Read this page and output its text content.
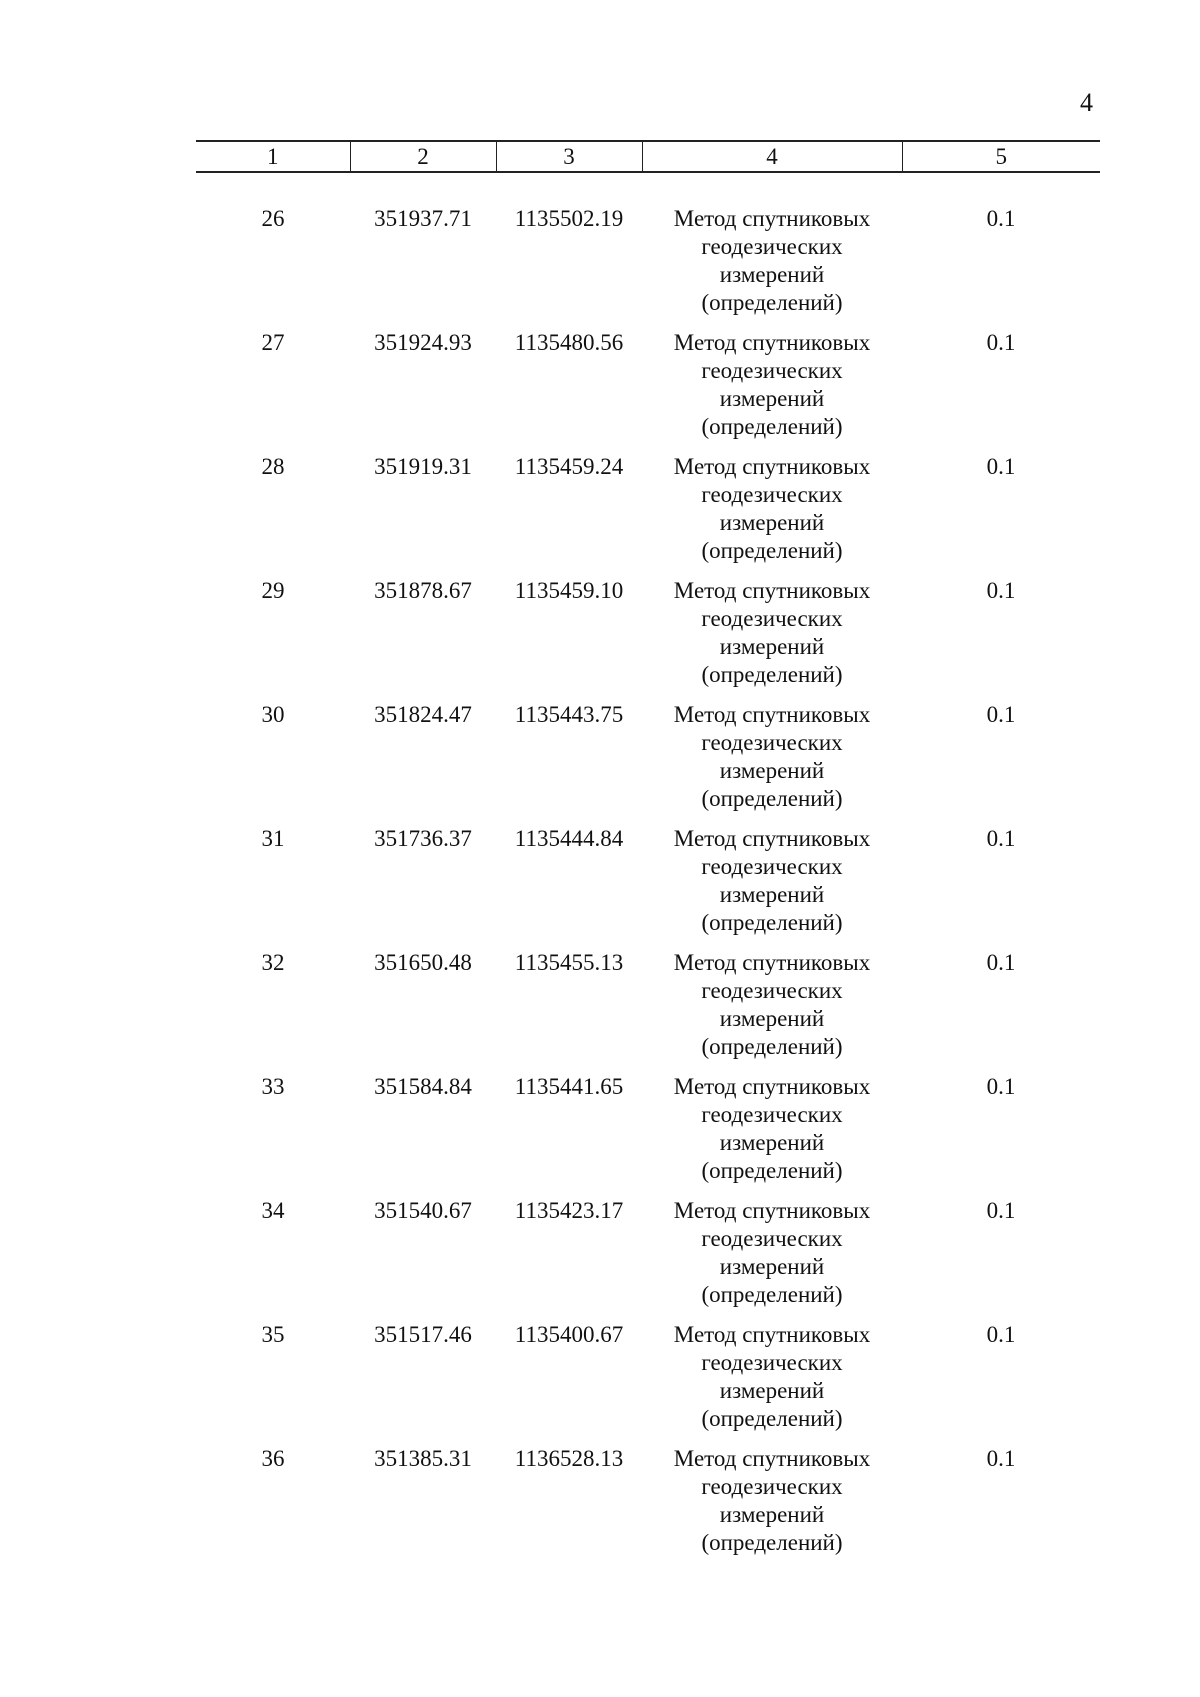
4
1	2	3	4	5

26	351937.71	1135502.19	Метод спутниковых
геодезических
измерений
(определений)	0.1
27	351924.93	1135480.56	Метод спутниковых
геодезических
измерений
(определений)	0.1
28	351919.31	1135459.24	Метод спутниковых
геодезических
измерений
(определений)	0.1
29	351878.67	1135459.10	Метод спутниковых
геодезических
измерений
(определений)	0.1
30	351824.47	1135443.75	Метод спутниковых
геодезических
измерений
(определений)	0.1
31	351736.37	1135444.84	Метод спутниковых
геодезических
измерений
(определений)	0.1
32	351650.48	1135455.13	Метод спутниковых
геодезических
измерений
(определений)	0.1
33	351584.84	1135441.65	Метод спутниковых
геодезических
измерений
(определений)	0.1
34	351540.67	1135423.17	Метод спутниковых
геодезических
измерений
(определений)	0.1
35	351517.46	1135400.67	Метод спутниковых
геодезических
измерений
(определений)	0.1
36	351385.31	1136528.13	Метод спутниковых
геодезических
измерений
(определений)	0.1
